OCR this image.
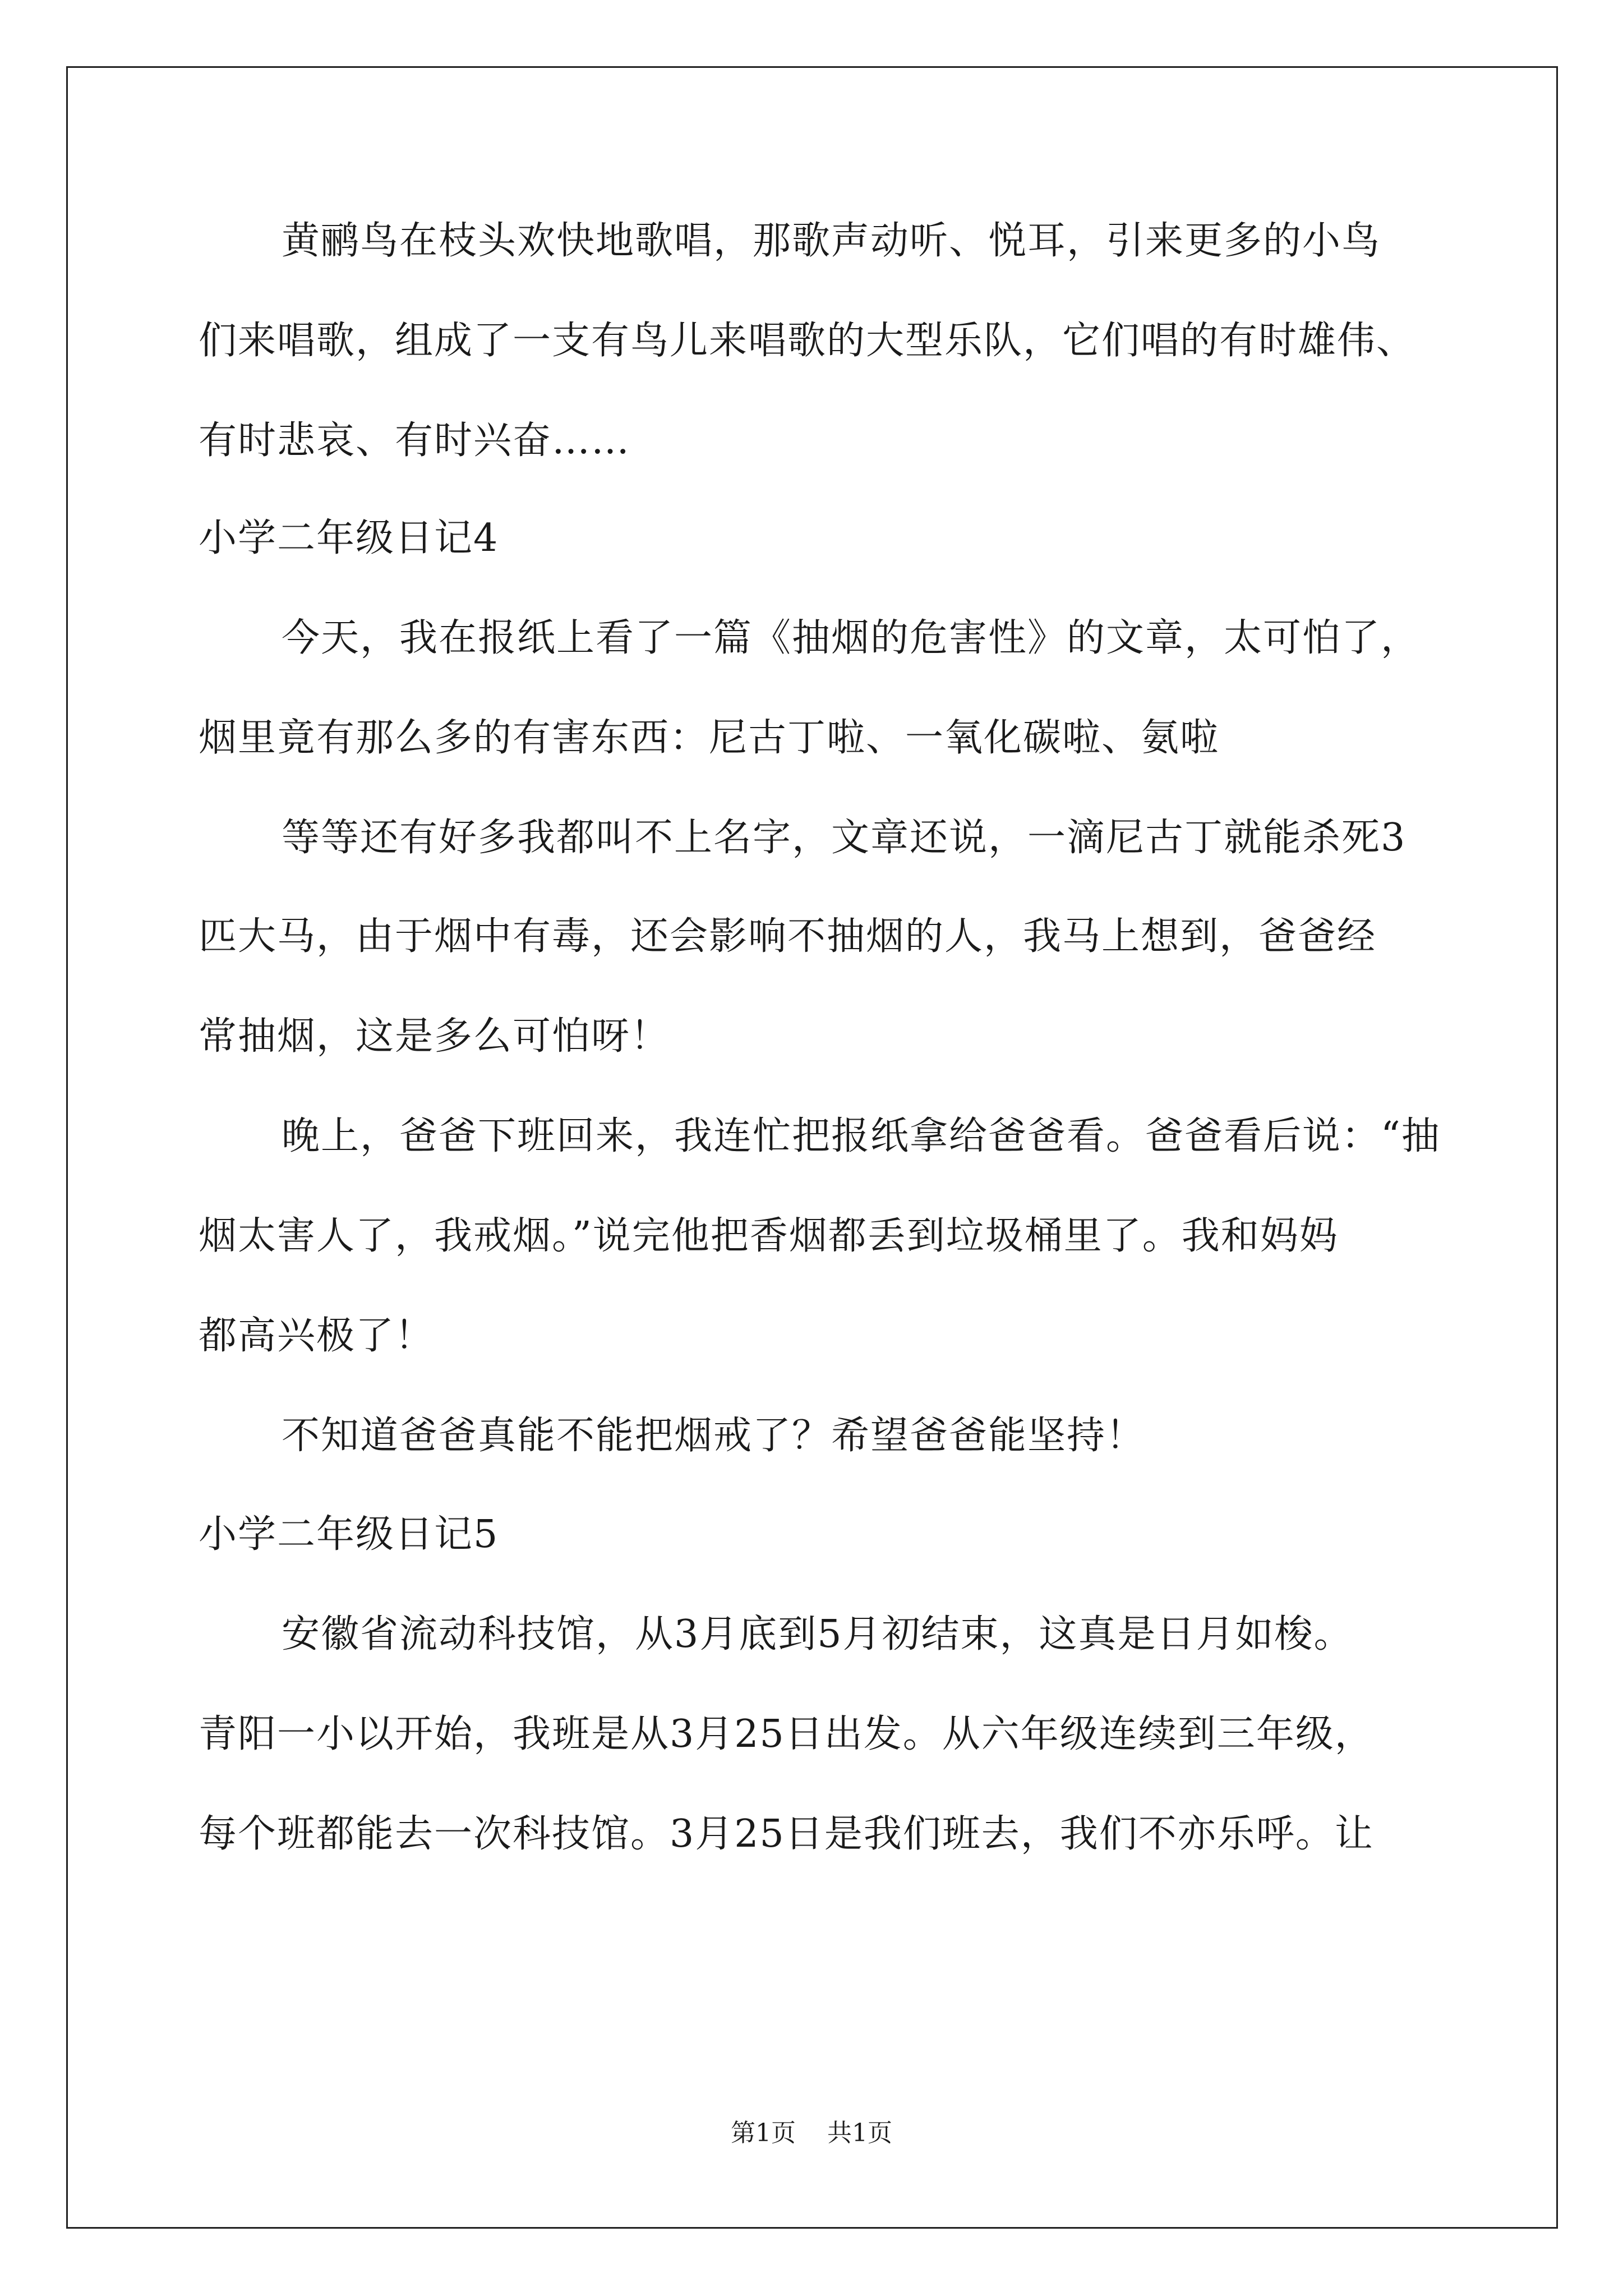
黄鹂鸟在枝头欢快地歌唱，那歌声动听、悦耳，引来更多的小鸟
们来唱歌，组成了一支有鸟儿来唱歌的大型乐队，它们唱的有时雄伟、
有时悲哀、有时兴奋……
小学二年级日记4
今天，我在报纸上看了一篇《抽烟的危害性》的文章，太可怕了，
烟里竟有那么多的有害东西：尼古丁啦、一氧化碳啦、氨啦
等等还有好多我都叫不上名字，文章还说，一滴尼古丁就能杀死3
匹大马，由于烟中有毒，还会影响不抽烟的人，我马上想到，爸爸经
常抽烟，这是多么可怕呀！
晚上，爸爸下班回来，我连忙把报纸拿给爸爸看。爸爸看后说：“抽
烟太害人了，我戒烟。”说完他把香烟都丢到垃圾桶里了。我和妈妈
都高兴极了！
不知道爸爸真能不能把烟戒了？希望爸爸能坚持！
小学二年级日记5
安徽省流动科技馆，从3月底到5月初结束，这真是日月如梭。
青阳一小以开始，我班是从3月25日出发。从六年级连续到三年级，
每个班都能去一次科技馆。3月25日是我们班去，我们不亦乐呼。让
第1页    共1页
